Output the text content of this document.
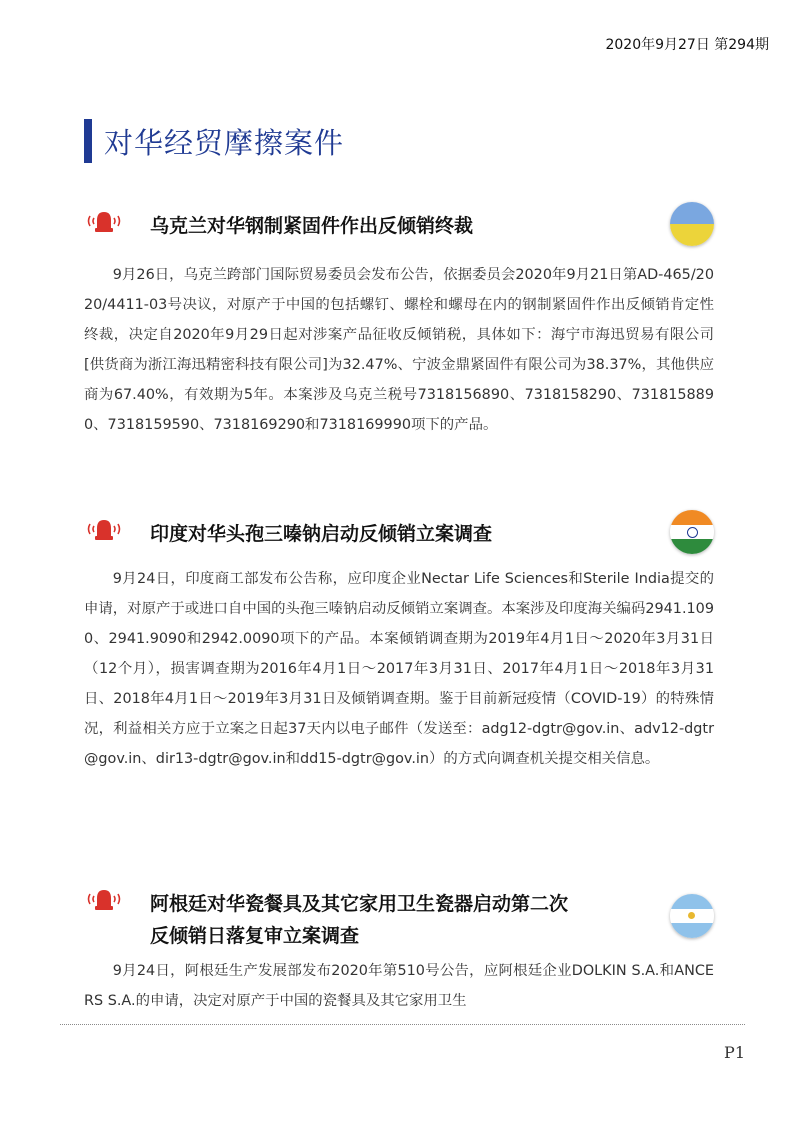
2020年9月27日 第294期
对华经贸摩擦案件
乌克兰对华钢制紧固件作出反倾销终裁

9月26日，乌克兰跨部门国际贸易委员会发布公告，依据委员会2020年9月21日第AD-465/2020/4411-03号决议，对原产于中国的包括螺钉、螺栓和螺母在内的钢制紧固件作出反倾销肯定性终裁，决定自2020年9月29日起对涉案产品征收反倾销税，具体如下：海宁市海迅贸易有限公司[供货商为浙江海迅精密科技有限公司]为32.47%、宁波金鼎紧固件有限公司为38.37%，其他供应商为67.40%，有效期为5年。本案涉及乌克兰税号7318156890、7318158290、7318158890、7318159590、7318169290和7318169990项下的产品。

印度对华头孢三嗪钠启动反倾销立案调查

9月24日，印度商工部发布公告称，应印度企业Nectar Life Sciences和Sterile India提交的申请，对原产于或进口自中国的头孢三嗪钠启动反倾销立案调查。本案涉及印度海关编码2941.1090、2941.9090和2942.0090项下的产品。本案倾销调查期为2019年4月1日～2020年3月31日（12个月），损害调查期为2016年4月1日～2017年3月31日、2017年4月1日～2018年3月31日、2018年4月1日～2019年3月31日及倾销调查期。鉴于目前新冠疫情（COVID-19）的特殊情况，利益相关方应于立案之日起37天内以电子邮件（发送至：adg12-dgtr@gov.in、adv12-dgtr@gov.in、dir13-dgtr@gov.in和dd15-dgtr@gov.in）的方式向调查机关提交相关信息。

阿根廷对华瓷餐具及其它家用卫生瓷器启动第二次
反倾销日落复审立案调查

9月24日，阿根廷生产发展部发布2020年第510号公告，应阿根廷企业DOLKIN S.A.和ANCERS S.A.的申请，决定对原产于中国的瓷餐具及其它家用卫生

P1
